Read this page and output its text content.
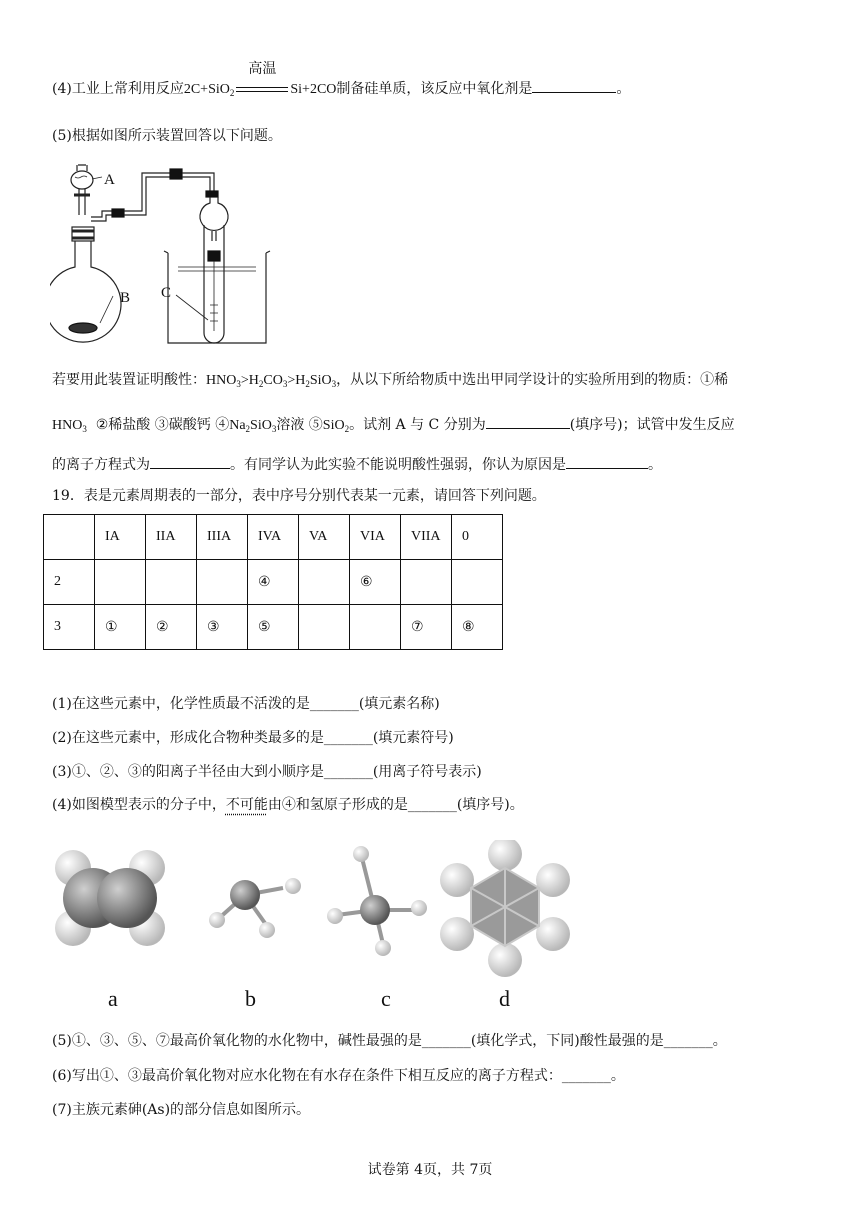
(4)工业上常利用反应2C+SiO$_2$
高温
Si+2CO制备硅单质，该反应中氧化剂是	。
(5)根据如图所示装置回答以下问题。
A
B C
若要用此装置证明酸性：$HNO_3>H_2CO_3>H_2SiO_3$，从以下所给物质中选出甲同学设计的实验所用到的物质：①稀
$HNO_3$ ②稀盐酸 ③碳酸钙 $④Na_2SiO_3$溶液 ⑤SiO$_2$。试剂 A 与 C 分别为	(填序号)；试管中发生反应
的离子方程式为	。有同学认为此实验不能说明酸性强弱，你认为原因是	。
19．表是元素周期表的一部分，表中序号分别代表某一元素，请回答下列问题。
	IA	IIA	IIIA	IVA	VA	VIA	VIIA	0
2				④		⑥		
3	①	②	③	⑤			⑦	⑧
(1)在这些元素中，化学性质最不活泼的是_______(填元素名称)
(2)在这些元素中，形成化合物种类最多的是_______(填元素符号)
(3)①、②、③的阳离子半径由大到小顺序是_______(用离子符号表示)
(4)如图模型表示的分子中，不可能由④和氢原子形成的是_______(填序号)。
a	b	c	d
(5)①、③、⑤、⑦最高价氧化物的水化物中，碱性最强的是_______(填化学式，下同)酸性最强的是_______。
(6)写出①、③最高价氧化物对应水化物在有水存在条件下相互反应的离子方程式：_______。
(7)主族元素砷(As)的部分信息如图所示。
试卷第 4页，共 7页
